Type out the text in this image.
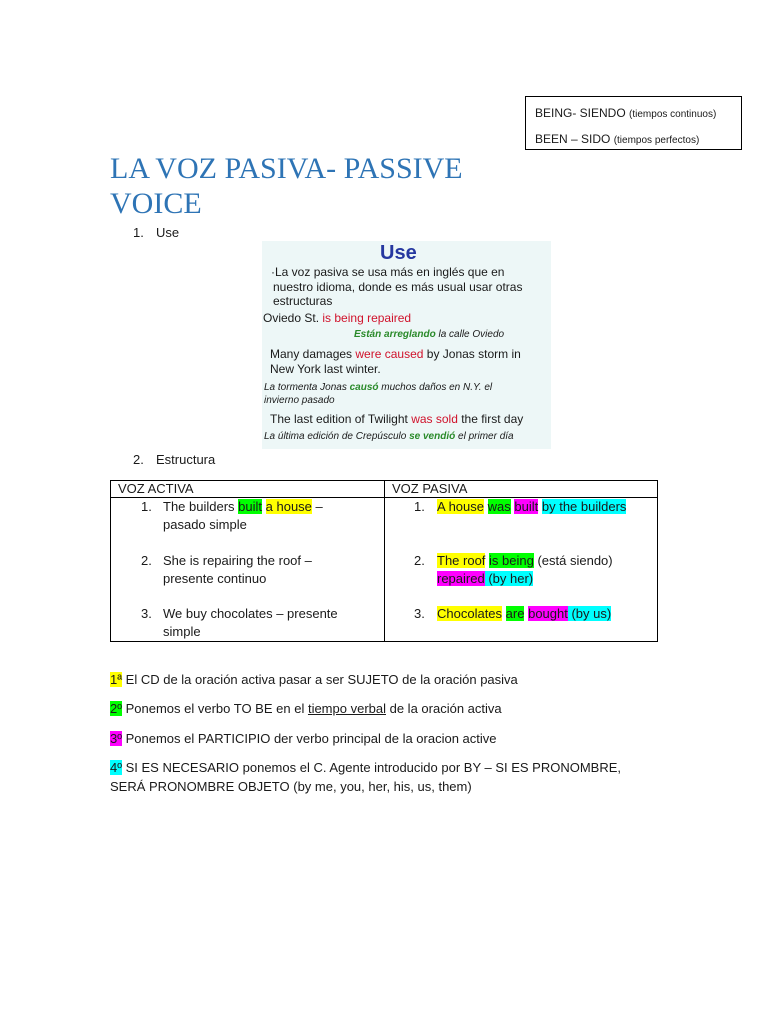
BEING- SIENDO (tiempos continuos)
BEEN – SIDO (tiempos perfectos)
LA VOZ PASIVA- PASSIVE VOICE
1. Use
Use
·La voz pasiva se usa más en inglés que en
nuestro idioma, donde es más usual usar otras
estructuras
Oviedo St. is being repaired
Están arreglando la calle Oviedo
Many damages were caused by Jonas storm in
New York last winter.
La tormenta Jonas causó muchos daños en N.Y. el
invierno pasado
The last edition of Twilight was sold the first day
La última edición de Crepúsculo se vendió el primer día
2. Estructura
VOZ ACTIVA	VOZ PASIVA
1. The builders built a house –
pasado simple
2. She is repairing the roof –
presente continuo
3. We buy chocolates – presente
simple
1. A house was built by the builders
2. The roof is being (está siendo)
repaired (by her)
3. Chocolates are bought (by us)
1ª El CD de la oración activa pasar a ser SUJETO de la oración pasiva
2º Ponemos el verbo TO BE en el tiempo verbal de la oración activa
3º Ponemos el PARTICIPIO der verbo principal de la oracion active
4º SI ES NECESARIO ponemos el C. Agente introducido por BY – SI ES PRONOMBRE,
SERÁ PRONOMBRE OBJETO (by me, you, her, his, us, them)
